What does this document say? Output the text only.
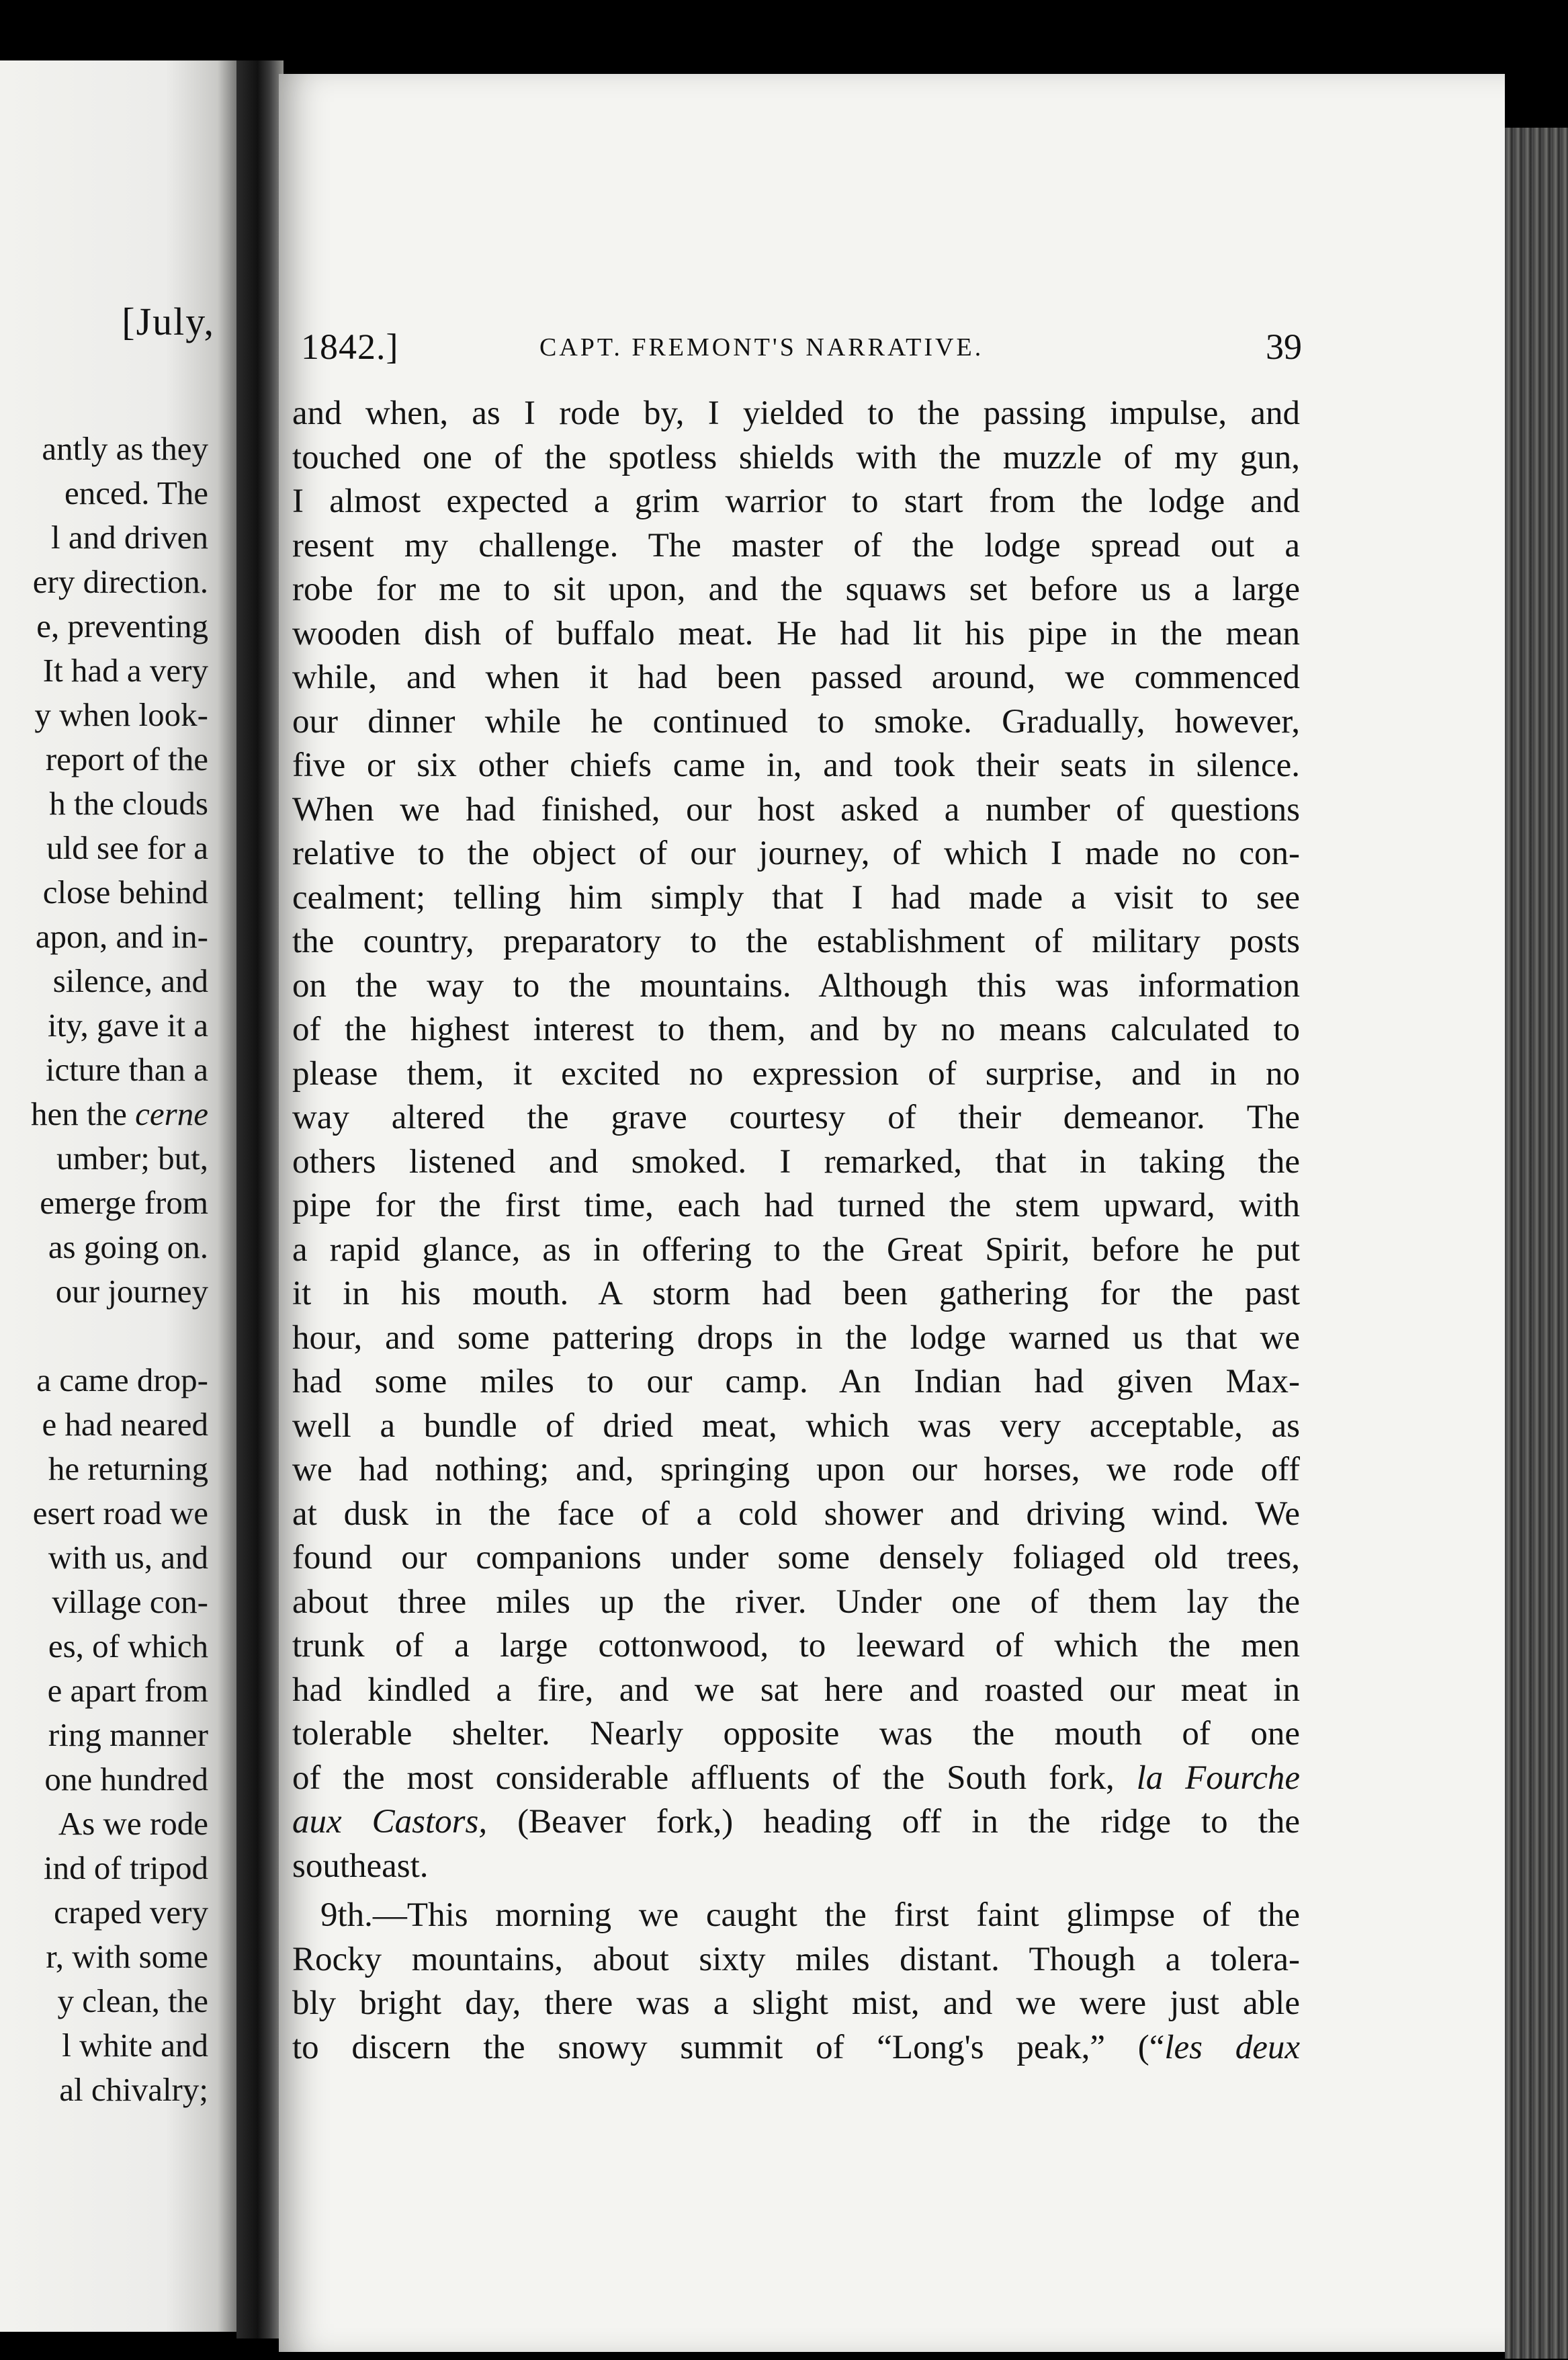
[July,
antly as they
enced. The
l and driven
ery direction.
e, preventing
It had a very
y when look-
report of the
h the clouds
uld see for a
close behind
apon, and in-
silence, and
ity, gave it a
icture than a
hen the cerne
umber; but,
emerge from
as going on.
our journey

a came drop-
e had neared
he returning
esert road we
with us, and
village con-
es, of which
e apart from
ring manner
one hundred
As we rode
ind of tripod
craped very
r, with some
y clean, the
l white and
al chivalry;
1842.]	CAPT. FREMONT'S NARRATIVE.	39
and when, as I rode by, I yielded to the passing impulse, and
touched one of the spotless shields with the muzzle of my gun,
I almost expected a grim warrior to start from the lodge and
resent my challenge. The master of the lodge spread out a
robe for me to sit upon, and the squaws set before us a large
wooden dish of buffalo meat. He had lit his pipe in the mean
while, and when it had been passed around, we commenced
our dinner while he continued to smoke. Gradually, however,
five or six other chiefs came in, and took their seats in silence.
When we had finished, our host asked a number of questions
relative to the object of our journey, of which I made no con-
cealment; telling him simply that I had made a visit to see
the country, preparatory to the establishment of military posts
on the way to the mountains. Although this was information
of the highest interest to them, and by no means calculated to
please them, it excited no expression of surprise, and in no
way altered the grave courtesy of their demeanor. The
others listened and smoked. I remarked, that in taking the
pipe for the first time, each had turned the stem upward, with
a rapid glance, as in offering to the Great Spirit, before he put
it in his mouth. A storm had been gathering for the past
hour, and some pattering drops in the lodge warned us that we
had some miles to our camp. An Indian had given Max-
well a bundle of dried meat, which was very acceptable, as
we had nothing; and, springing upon our horses, we rode off
at dusk in the face of a cold shower and driving wind. We
found our companions under some densely foliaged old trees,
about three miles up the river. Under one of them lay the
trunk of a large cottonwood, to leeward of which the men
had kindled a fire, and we sat here and roasted our meat in
tolerable shelter. Nearly opposite was the mouth of one
of the most considerable affluents of the South fork, la Fourche
aux Castors, (Beaver fork,) heading off in the ridge to the
southeast.
9th.—This morning we caught the first faint glimpse of the
Rocky mountains, about sixty miles distant. Though a tolera-
bly bright day, there was a slight mist, and we were just able
to discern the snowy summit of “Long's peak,” (“les deux
